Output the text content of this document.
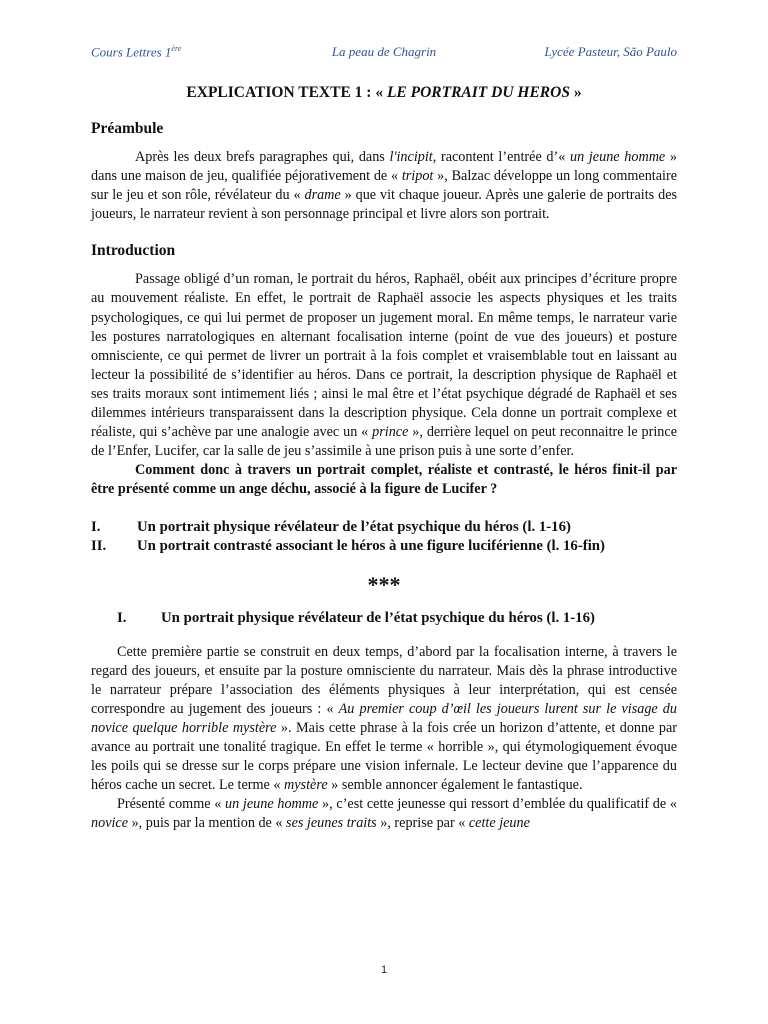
Cours Lettres 1ère	La peau de Chagrin	Lycée Pasteur, São Paulo
EXPLICATION TEXTE 1 : « LE PORTRAIT DU HEROS »
Préambule

Après les deux brefs paragraphes qui, dans l'incipit, racontent l’entrée d’« un jeune homme » dans une maison de jeu, qualifiée péjorativement de « tripot », Balzac développe un long commentaire sur le jeu et son rôle, révélateur du « drame » que vit chaque joueur. Après une galerie de portraits des joueurs, le narrateur revient à son personnage principal et livre alors son portrait.

Introduction

Passage obligé d’un roman, le portrait du héros, Raphaël, obéit aux principes d’écriture propre au mouvement réaliste. En effet, le portrait de Raphaël associe les aspects physiques et les traits psychologiques, ce qui lui permet de proposer un jugement moral. En même temps, le narrateur varie les postures narratologiques en alternant focalisation interne (point de vue des joueurs) et posture omnisciente, ce qui permet de livrer un portrait à la fois complet et vraisemblable tout en laissant au lecteur la possibilité de s’identifier au héros. Dans ce portrait, la description physique de Raphaël et ses traits moraux sont intimement liés ; ainsi le mal être et l’état psychique dégradé de Raphaël et ses dilemmes intérieurs transparaissent dans la description physique. Cela donne un portrait complexe et réaliste, qui s’achève par une analogie avec un « prince », derrière lequel on peut reconnaitre le prince de l’Enfer, Lucifer, car la salle de jeu s’assimile à une prison puis à une sorte d’enfer.

Comment donc à travers un portrait complet, réaliste et contrasté, le héros finit-il par être présenté comme un ange déchu, associé à la figure de Lucifer ?

I.	Un portrait physique révélateur de l’état psychique du héros (l. 1-16)
II.	Un portrait contrasté associant le héros à une figure luciférienne (l. 16-fin)
***
I.	Un portrait physique révélateur de l’état psychique du héros (l. 1-16)

Cette première partie se construit en deux temps, d’abord par la focalisation interne, à travers le regard des joueurs, et ensuite par la posture omnisciente du narrateur. Mais dès la phrase introductive le narrateur prépare l’association des éléments physiques à leur interprétation, qui est censée correspondre au jugement des joueurs : « Au premier coup d’œil les joueurs lurent sur le visage du novice quelque horrible mystère ». Mais cette phrase à la fois crée un horizon d’attente, et donne par avance au portrait une tonalité tragique. En effet le terme « horrible », qui étymologiquement évoque les poils qui se dresse sur le corps prépare une vision infernale. Le lecteur devine que l’apparence du héros cache un secret. Le terme « mystère » semble annoncer également le fantastique.

Présenté comme « un jeune homme », c’est cette jeunesse qui ressort d’emblée du qualificatif de « novice », puis par la mention de « ses jeunes traits », reprise par « cette jeune

1
